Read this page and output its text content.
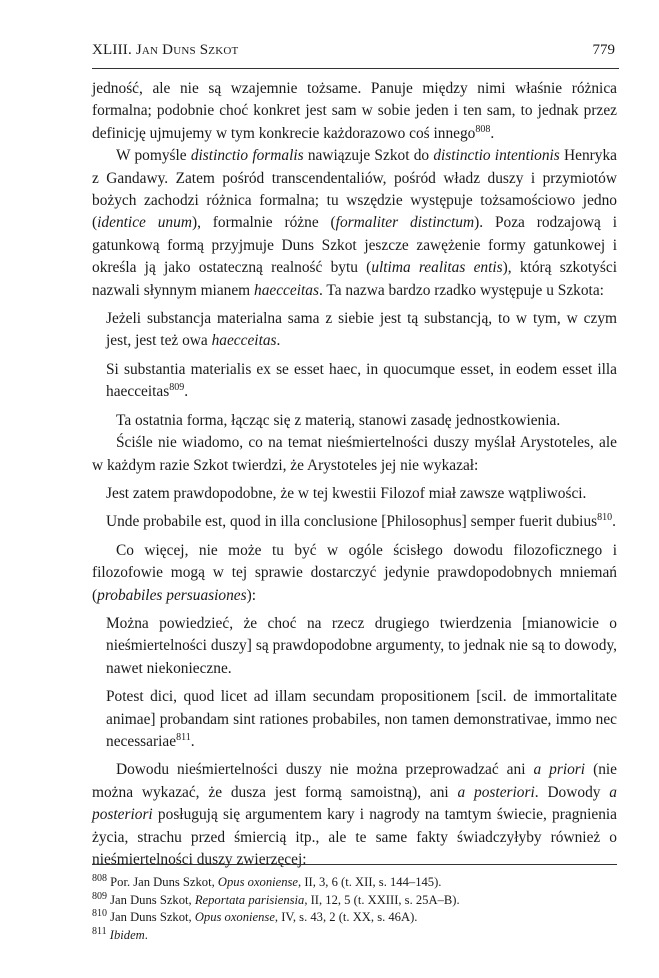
XLIII. Jan Duns Szkot	779

jedność, ale nie są wzajemnie tożsame. Panuje między nimi właśnie różnica formalna; podobnie choć konkret jest sam w sobie jeden i ten sam, to jednak przez definicję ujmujemy w tym konkrecie każdorazowo coś innego$^{808}$.

W pomyśle distinctio formalis nawiązuje Szkot do distinctio intentionis Henryka z Gandawy. Zatem pośród transcendentaliów, pośród władz duszy i przymiotów bożych zachodzi różnica formalna; tu wszędzie występuje tożsamościowo jedno (identice unum), formalnie różne (formaliter distinctum). Poza rodzajową i gatunkową formą przyjmuje Duns Szkot jeszcze zawężenie formy gatunkowej i określa ją jako ostateczną realność bytu (ultima realitas entis), którą szkotyści nazwali słynnym mianem haecceitas. Ta nazwa bardzo rzadko występuje u Szkota:

Jeżeli substancja materialna sama z siebie jest tą substancją, to w tym, w czym jest, jest też owa haecceitas.

Si substantia materialis ex se esset haec, in quocumque esset, in eodem esset illa haecceitas$^{809}$.

Ta ostatnia forma, łącząc się z materią, stanowi zasadę jednostkowienia.

Ściśle nie wiadomo, co na temat nieśmiertelności duszy myślał Arystoteles, ale w każdym razie Szkot twierdzi, że Arystoteles jej nie wykazał:

Jest zatem prawdopodobne, że w tej kwestii Filozof miał zawsze wątpliwości.

Unde probabile est, quod in illa conclusione [Philosophus] semper fuerit dubius$^{810}$.

Co więcej, nie może tu być w ogóle ścisłego dowodu filozoficznego i filozofowie mogą w tej sprawie dostarczyć jedynie prawdopodobnych mniemań (probabiles persuasiones):

Można powiedzieć, że choć na rzecz drugiego twierdzenia [mianowicie o nieśmiertelności duszy] są prawdopodobne argumenty, to jednak nie są to dowody, nawet niekonieczne.

Potest dici, quod licet ad illam secundam propositionem [scil. de immortalitate animae] probandam sint rationes probabiles, non tamen demonstrativae, immo nec necessariae$^{811}$.

Dowodu nieśmiertelności duszy nie można przeprowadzać ani a priori (nie można wykazać, że dusza jest formą samoistną), ani a posteriori. Dowody a posteriori posługują się argumentem kary i nagrody na tamtym świecie, pragnienia życia, strachu przed śmiercią itp., ale te same fakty świadczyłyby również o nieśmiertelności duszy zwierzęcej:

$^{808}$ Por. Jan Duns Szkot, Opus oxoniense, II, 3, 6 (t. XII, s. 144–145).

$^{809}$ Jan Duns Szkot, Reportata parisiensia, II, 12, 5 (t. XXIII, s. 25A–B).

$^{810}$ Jan Duns Szkot, Opus oxoniense, IV, s. 43, 2 (t. XX, s. 46A).

$^{811}$ Ibidem.
